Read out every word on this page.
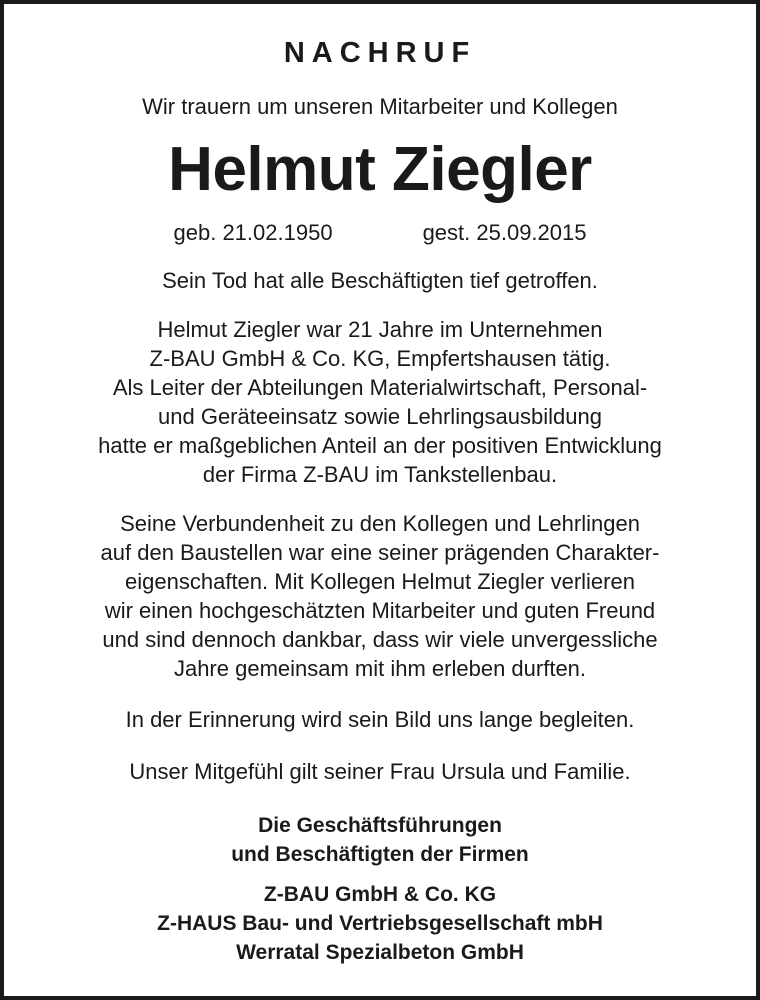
NACHRUF
Wir trauern um unseren Mitarbeiter und Kollegen
Helmut Ziegler
geb. 21.02.1950	gest. 25.09.2015
Sein Tod hat alle Beschäftigten tief getroffen.
Helmut Ziegler war 21 Jahre im Unternehmen
Z-BAU GmbH & Co. KG, Empfertshausen tätig.
Als Leiter der Abteilungen Materialwirtschaft, Personal-
und Geräteeinsatz sowie Lehrlingsausbildung
hatte er maßgeblichen Anteil an der positiven Entwicklung
der Firma Z-BAU im Tankstellenbau.
Seine Verbundenheit zu den Kollegen und Lehrlingen
auf den Baustellen war eine seiner prägenden Charakter-
eigenschaften. Mit Kollegen Helmut Ziegler verlieren
wir einen hochgeschätzten Mitarbeiter und guten Freund
und sind dennoch dankbar, dass wir viele unvergessliche
Jahre gemeinsam mit ihm erleben durften.
In der Erinnerung wird sein Bild uns lange begleiten.
Unser Mitgefühl gilt seiner Frau Ursula und Familie.
Die Geschäftsführungen
und Beschäftigten der Firmen
Z-BAU GmbH & Co. KG
Z-HAUS Bau- und Vertriebsgesellschaft mbH
Werratal Spezialbeton GmbH
